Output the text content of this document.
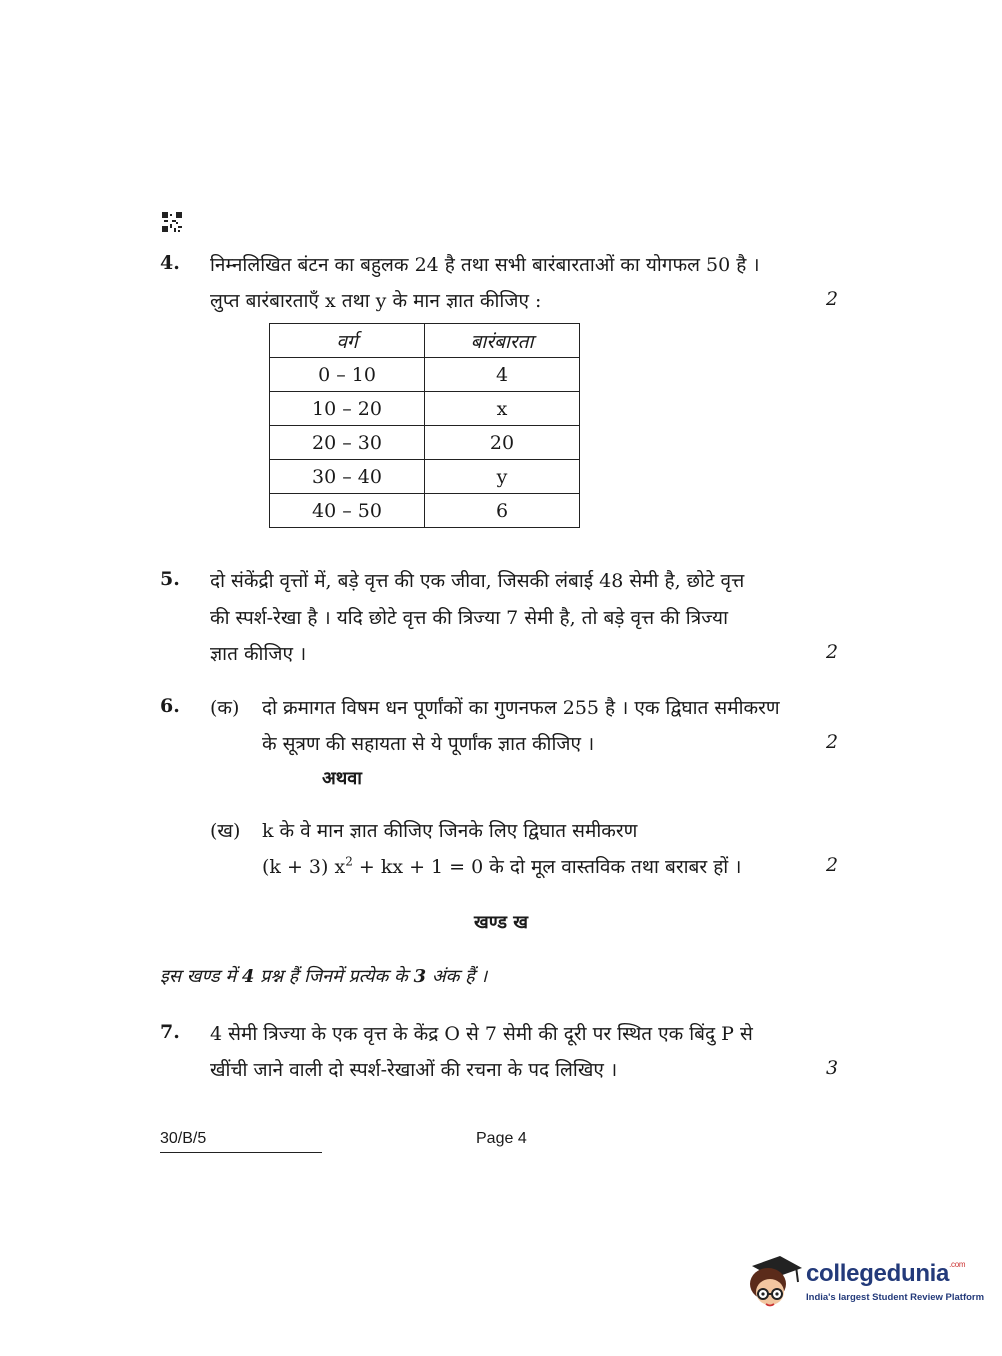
4. निम्नलिखित बंटन का बहुलक 24 है तथा सभी बारंबारताओं का योगफल 50 है ।
लुप्त बारंबारताएँ x तथा y के मान ज्ञात कीजिए :	2
वर्ग	बारंबारता
0 – 10	4
10 – 20	x
20 – 30	20
30 – 40	y
40 – 50	6
5. दो संकेंद्री वृत्तों में, बड़े वृत्त की एक जीवा, जिसकी लंबाई 48 सेमी है, छोटे वृत्त
की स्पर्श-रेखा है । यदि छोटे वृत्त की त्रिज्या 7 सेमी है, तो बड़े वृत्त की त्रिज्या
ज्ञात कीजिए ।	2
6. (क) दो क्रमागत विषम धन पूर्णांकों का गुणनफल 255 है । एक द्विघात समीकरण
के सूत्रण की सहायता से ये पूर्णांक ज्ञात कीजिए ।	2
अथवा
(ख) k के वे मान ज्ञात कीजिए जिनके लिए द्विघात समीकरण
(k + 3) $x^2$ + kx + 1 = 0 के दो मूल वास्तविक तथा बराबर हों ।	2
खण्ड ख
इस खण्ड में 4 प्रश्न हैं जिनमें प्रत्येक के 3 अंक हैं ।
7. 4 सेमी त्रिज्या के एक वृत्त के केंद्र O से 7 सेमी की दूरी पर स्थित एक बिंदु P से
खींची जाने वाली दो स्पर्श-रेखाओं की रचना के पद लिखिए ।	3
30/B/5	Page 4
collegedunia$^{.com}$
India's largest Student Review Platform
